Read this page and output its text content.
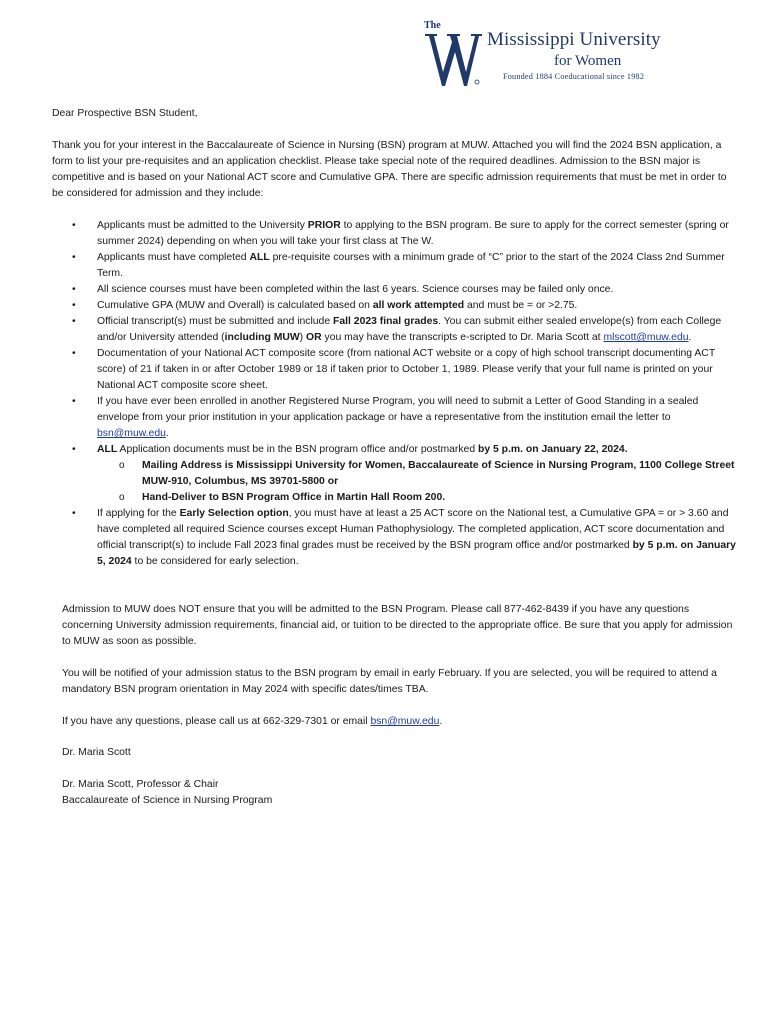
The
Mississippi University
for Women
Founded 1884 Coeducational since 1982
Dear Prospective BSN Student,
Thank you for your interest in the Baccalaureate of Science in Nursing (BSN) program at MUW. Attached you will find the 2024 BSN application, a form to list your pre-requisites and an application checklist. Please take special note of the required deadlines. Admission to the BSN major is competitive and is based on your National ACT score and Cumulative GPA. There are specific admission requirements that must be met in order to be considered for admission and they include:
• Applicants must be admitted to the University PRIOR to applying to the BSN program. Be sure to apply for the correct semester (spring or summer 2024) depending on when you will take your first class at The W.
• Applicants must have completed ALL pre-requisite courses with a minimum grade of “C” prior to the start of the 2024 Class 2nd Summer Term.
• All science courses must have been completed within the last 6 years. Science courses may be failed only once.
• Cumulative GPA (MUW and Overall) is calculated based on all work attempted and must be = or >2.75.
• Official transcript(s) must be submitted and include Fall 2023 final grades. You can submit either sealed envelope(s) from each College and/or University attended (including MUW) OR you may have the transcripts e-scripted to Dr. Maria Scott at mlscott@muw.edu.
• Documentation of your National ACT composite score (from national ACT website or a copy of high school transcript documenting ACT score) of 21 if taken in or after October 1989 or 18 if taken prior to October 1, 1989. Please verify that your full name is printed on your National ACT composite score sheet.
• If you have ever been enrolled in another Registered Nurse Program, you will need to submit a Letter of Good Standing in a sealed envelope from your prior institution in your application package or have a representative from the institution email the letter to bsn@muw.edu.
• ALL Application documents must be in the BSN program office and/or postmarked by 5 p.m. on January 22, 2024.
o Mailing Address is Mississippi University for Women, Baccalaureate of Science in Nursing Program, 1100 College Street MUW-910, Columbus, MS 39701-5800 or
o Hand-Deliver to BSN Program Office in Martin Hall Room 200.
• If applying for the Early Selection option, you must have at least a 25 ACT score on the National test, a Cumulative GPA = or > 3.60 and have completed all required Science courses except Human Pathophysiology. The completed application, ACT score documentation and official transcript(s) to include Fall 2023 final grades must be received by the BSN program office and/or postmarked by 5 p.m. on January 5, 2024 to be considered for early selection.
Admission to MUW does NOT ensure that you will be admitted to the BSN Program. Please call 877-462-8439 if you have any questions concerning University admission requirements, financial aid, or tuition to be directed to the appropriate office. Be sure that you apply for admission to MUW as soon as possible.
You will be notified of your admission status to the BSN program by email in early February. If you are selected, you will be required to attend a mandatory BSN program orientation in May 2024 with specific dates/times TBA.
If you have any questions, please call us at 662-329-7301 or email bsn@muw.edu.
Dr. Maria Scott
Dr. Maria Scott, Professor & Chair
Baccalaureate of Science in Nursing Program
